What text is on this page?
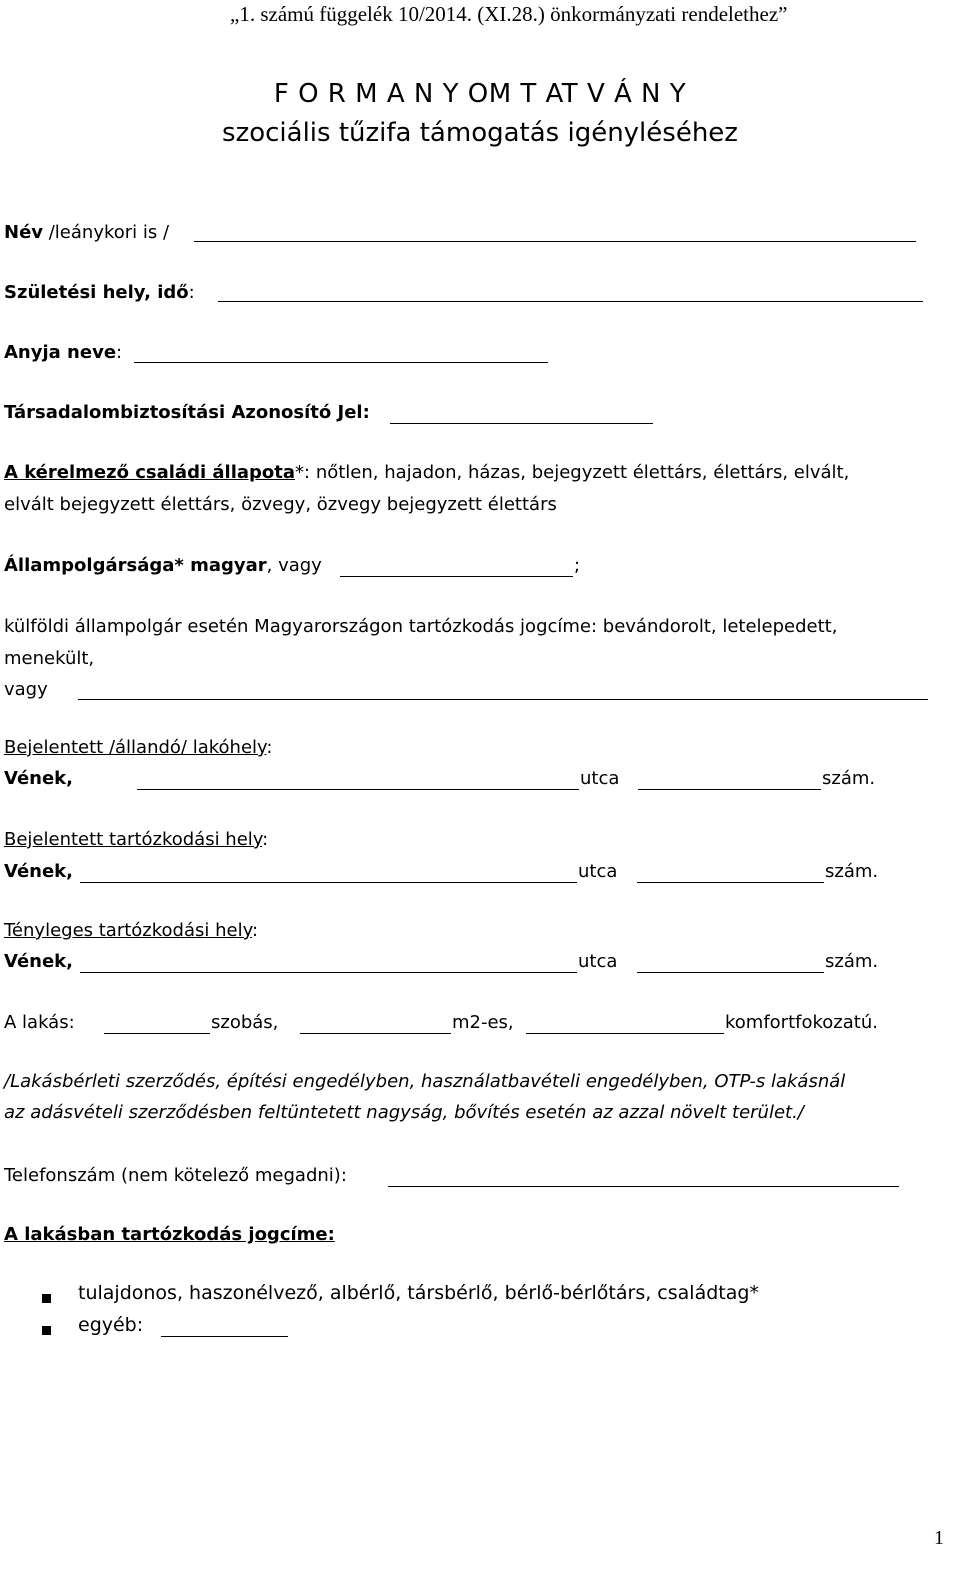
„1. számú függelék 10/2014. (XI.28.) önkormányzati rendelethez”
F O R M A N Y OM T AT V Á N Y
szociális tűzifa támogatás igényléséhez
Név /leánykori is /
Születési hely, idő:
Anyja neve:
Társadalombiztosítási Azonosító Jel:
A kérelmező családi állapota*: nőtlen, hajadon, házas, bejegyzett élettárs, élettárs, elvált,
elvált bejegyzett élettárs, özvegy, özvegy bejegyzett élettárs
Állampolgársága* magyar, vagy	;
külföldi állampolgár esetén Magyarországon tartózkodás jogcíme: bevándorolt, letelepedett,
menekült,
vagy
Bejelentett /állandó/ lakóhely:
Vének,	utca	szám.
Bejelentett tartózkodási hely:
Vének,	utca	szám.
Tényleges tartózkodási hely:
Vének,	utca	szám.
A lakás:	szobás,	m2-es,	komfortfokozatú.
/Lakásbérleti szerződés, építési engedélyben, használatbavételi engedélyben, OTP-s lakásnál
az adásvételi szerződésben feltüntetett nagyság, bővítés esetén az azzal növelt terület./
Telefonszám (nem kötelező megadni):
A lakásban tartózkodás jogcíme:
tulajdonos, haszonélvező, albérlő, társbérlő, bérlő-bérlőtárs, családtag*
egyéb:
1
